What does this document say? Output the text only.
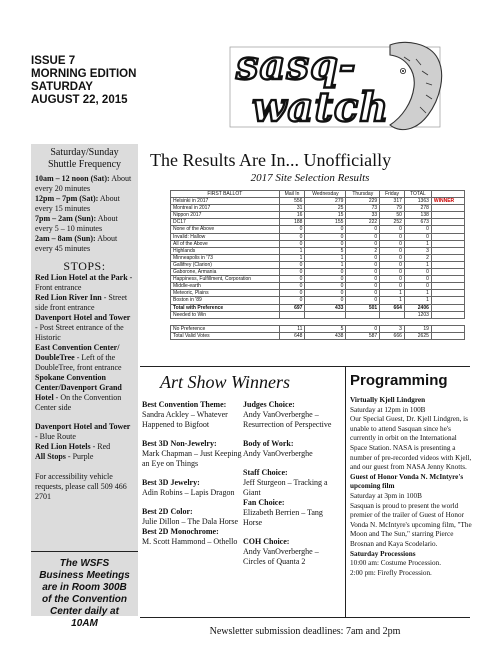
ISSUE 7
MORNING EDITION
SATURDAY
AUGUST 22, 2015
sasq-
watch
Saturday/Sunday
Shuttle Frequency
10am – 12 noon (Sat): About every 20 minutes
12pm – 7pm (Sat): About every 15 minutes
7pm – 2am (Sun): About every 5 – 10 minutes
2am – 8am (Sun): About every 45 minutes
STOPS:
Red Lion Hotel at the Park - Front entrance
Red Lion River Inn - Street side front entrance
Davenport Hotel and Tower - Post Street entrance of the Historic
East Convention Center/ DoubleTree - Left of the DoubleTree, front entrance
Spokane Convention Center/Davenport Grand Hotel - On the Convention Center side
Davenport Hotel and Tower - Blue Route
Red Lion Hotels - Red
All Stops - Purple
For accessibility vehicle requests, please call 509 466 2701
The WSFS Business Meetings are in Room 300B of the Convention Center daily at 10AM
The Results Are In... Unofficially
2017 Site Selection Results
FIRST BALLOT	Mail In	Wednesday	Thursday	Friday	TOTAL	
Helsinki in 2017	556	279	229	317	1363	WINNER
Montreal in 2017	31	25	73	79	278	
Nippon 2017	16	15	33	50	138	
DC17	188	155	222	252	673	
None of the Above	0	0	0	0	0	
Invalid: Hallow	0	0	0	0	0	
All of the Above	0	0	0	0	1	
Highlands	1	5	2	0	3	
Minneapolis in '73	1	1	0	0	2	
Gallifrey (Clarion)	0	1	0	0	1	
Gaborone, Armania	0	0	0	0	0	
Happiness, Fulfillment, Corporation	0	0	0	0	0	
Middle-earth	0	0	0	0	0	
Meteoric, Plains	0	0	0	1	1	
Boston in '89	0	0	0	1	1	
Total with Preference	697	433	501	664	2406	
Needed to Win					1203	

No Preference	11	5	0	3	19	
Total Valid Votes	648	438	587	666	2625	
Art Show Winners
Best Convention Theme:
Sandra Ackley – Whatever Happened to Bigfoot
Best 3D Non-Jewelry:
Mark Chapman – Just Keeping an Eye on Things
Best 3D Jewelry:
Adin Robins – Lapis Dragon
Best 2D Color:
Julie Dillon – The Dala Horse
Best 2D Monochrome:
M. Scott Hammond – Othello
Judges Choice:
Andy VanOverberghe – Resurrection of Perspective
Body of Work:
Andy VanOverberghe
Staff Choice:
Jeff Sturgeon – Tracking a Giant
Fan Choice:
Elizabeth Berrien – Tang Horse
COH Choice:
Andy VanOverberghe – Circles of Quanta 2
Programming
Virtually Kjell Lindgren
Saturday at 12pm in 100B
Our Special Guest, Dr. Kjell Lindgren, is unable to attend Sasquan since he's currently in orbit on the International Space Station. NASA is presenting a number of pre-recorded videos with Kjell, and our guest from NASA Jenny Knotts.
Guest of Honor Vonda N. McIntyre's upcoming film
Saturday at 3pm in 100B
Sasquan is proud to present the world premier of the trailer of Guest of Honor Vonda N. McIntyre's upcoming film, "The Moon and The Sun," starring Pierce Brosnan and Kaya Scodelario.
Saturday Processions
10:00 am: Costume Procession.
2:00 pm: Firefly Procession.
Newsletter submission deadlines: 7am and 2pm
